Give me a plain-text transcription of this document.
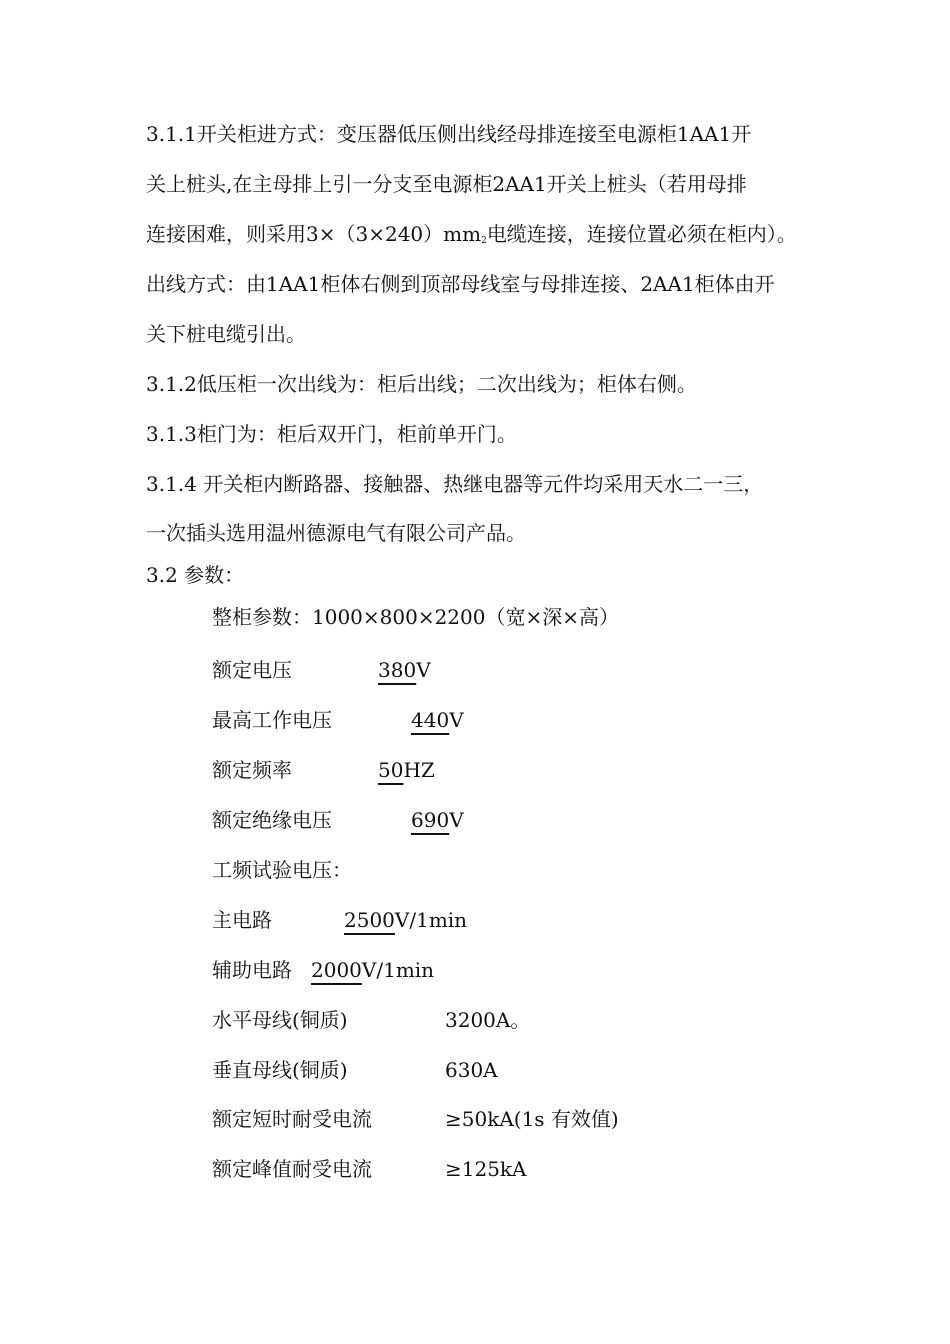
3.1.1开关柜进方式：变压器低压侧出线经母排连接至电源柜1AA1开
关上桩头,在主母排上引一分支至电源柜2AA1开关上桩头（若用母排
连接困难，则采用$3\times(3\times 240)mm_2$电缆连接，连接位置必须在柜内）。
出线方式：由1AA1柜体右侧到顶部母线室与母排连接、2AA1柜体由开
关下桩电缆引出。
3.1.2低压柜一次出线为：柜后出线；二次出线为；柜体右侧。
3.1.3柜门为：柜后双开门，柜前单开门。
3.1.4 开关柜内断路器、接触器、热继电器等元件均采用天水二一三，
一次插头选用温州德源电气有限公司产品。
3.2 参数：
整柜参数：1000×800×2200（宽×深×高）
额定电压	380V
最高工作电压	440V
额定频率	50HZ
额定绝缘电压	690V
工频试验电压：
主电路	2500V/1min
辅助电路 2000V/1min
水平母线(铜质)	3200A。
垂直母线(铜质)	630A
额定短时耐受电流	≥50kA(1s 有效值)
额定峰值耐受电流	≥125kA
